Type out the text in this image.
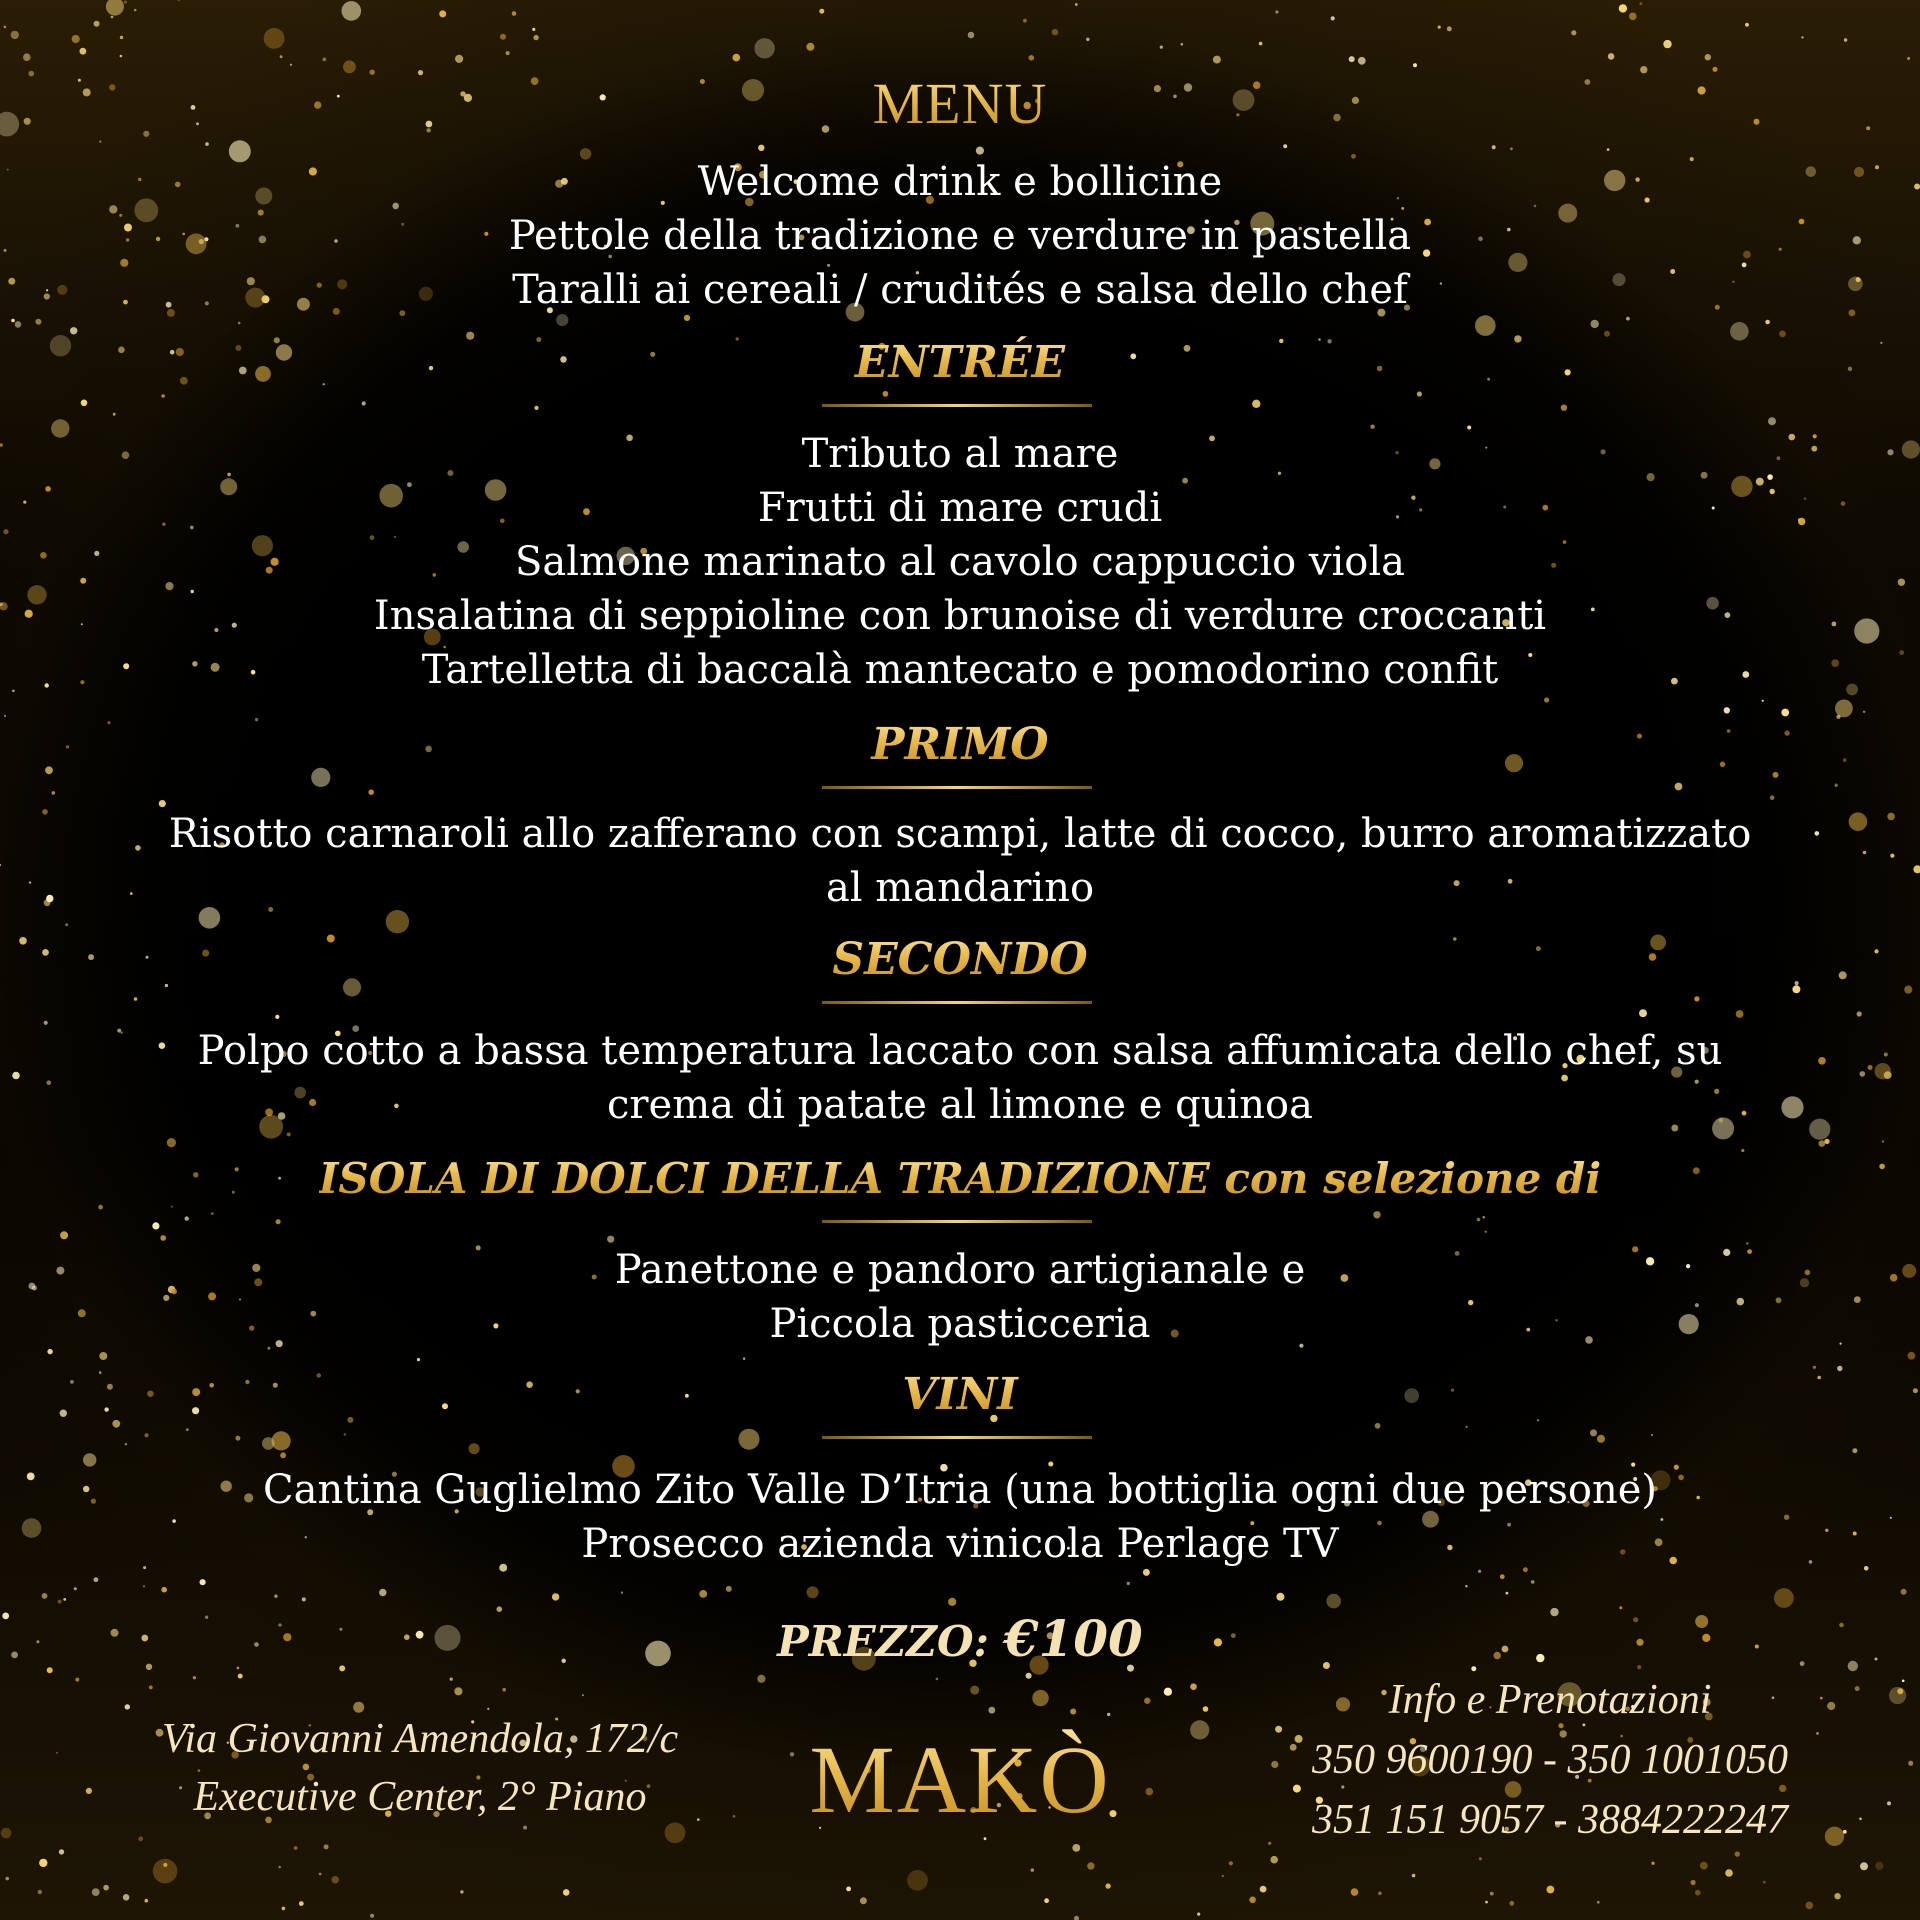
MENU
Welcome drink e bollicine
Pettole della tradizione e verdure in pastella
Taralli ai cereali / crudités e salsa dello chef
ENTRÉE
Tributo al mare
Frutti di mare crudi
Salmone marinato al cavolo cappuccio viola
Insalatina di seppioline con brunoise di verdure croccanti
Tartelletta di baccalà mantecato e pomodorino confit
PRIMO
Risotto carnaroli allo zafferano con scampi, latte di cocco, burro aromatizzato
al mandarino
SECONDO
Polpo cotto a bassa temperatura laccato con salsa affumicata dello chef, su
crema di patate al limone e quinoa
ISOLA DI DOLCI DELLA TRADIZIONE con selezione di
Panettone e pandoro artigianale e
Piccola pasticceria
VINI
Cantina Guglielmo Zito Valle D’Itria (una bottiglia ogni due persone)
Prosecco azienda vinicola Perlage TV
PREZZO: €100
Via Giovanni Amendola, 172/c
Executive Center, 2° Piano	MAKÒ
Info e Prenotazioni
350 9600190 - 350 1001050
351 151 9057 - 3884222247
